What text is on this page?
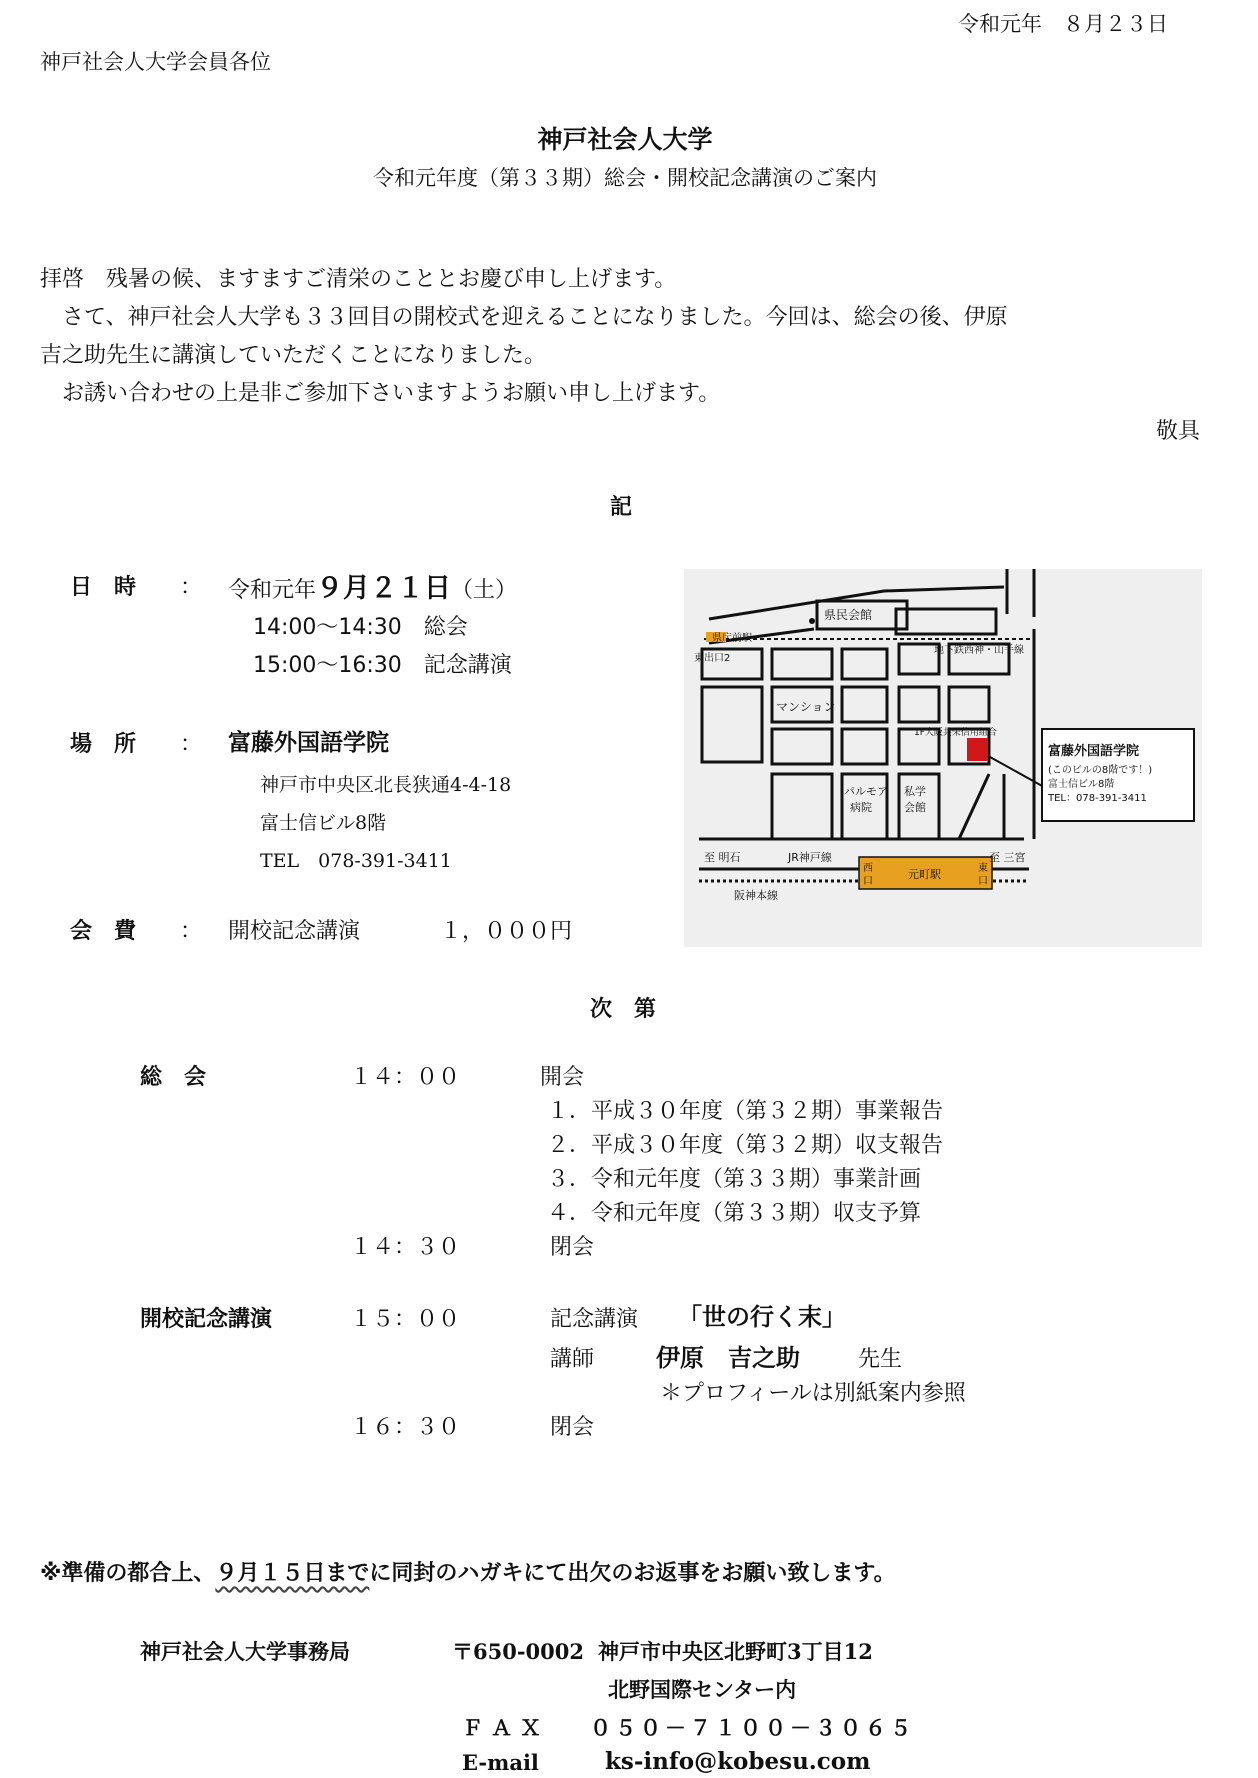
令和元年　８月２３日
神戸社会人大学会員各位
神戸社会人大学
令和元年度（第３３期）総会・開校記念講演のご案内
拝啓　残暑の候、ますますご清栄のこととお慶び申し上げます。
　さて、神戸社会人大学も３３回目の開校式を迎えることになりました。今回は、総会の後、伊原
吉之助先生に講演していただくことになりました。
　お誘い合わせの上是非ご参加下さいますようお願い申し上げます。
敬具
記
日　時 ： 令和元年９月２１日（土）
14:00～14:30　総会
15:00～16:30　記念講演
場　所 ： 富藤外国語学院
神戸市中央区北長狭通4-4-18
富士信ビル8階
TEL　078-391-3411
会　費 ： 開校記念講演	１，０００円
県民会館
県庁前駅
東出口2
地下鉄西神・山手線
マンション
1F大阪共栄信用組合
富藤外国語学院
(このビルの8階です！)
富士信ビル8階
TEL：078-391-3411
パルモア
病院
私学
会館
至 明石	JR神戸線	至 三宮
西
口
元町駅	東
口
阪神本線
次　第
総　会	１４：００	開会
１．平成３０年度（第３２期）事業報告
２．平成３０年度（第３２期）収支報告
３．令和元年度（第３３期）事業計画
４．令和元年度（第３３期）収支予算
１４：３０	閉会
開校記念講演	１５：００	記念講演 「世の行く末」
講師	伊原　吉之助	先生
＊プロフィールは別紙案内参照
１６：３０	閉会
※準備の都合上、９月１５日までに同封のハガキにて出欠のお返事をお願い致します。
神戸社会人大学事務局	〒650-0002 神戸市中央区北野町3丁目12
北野国際センター内
ＦＡＸ ０５０－７１００－３０６５
E-mail	ks-info@kobesu.com
